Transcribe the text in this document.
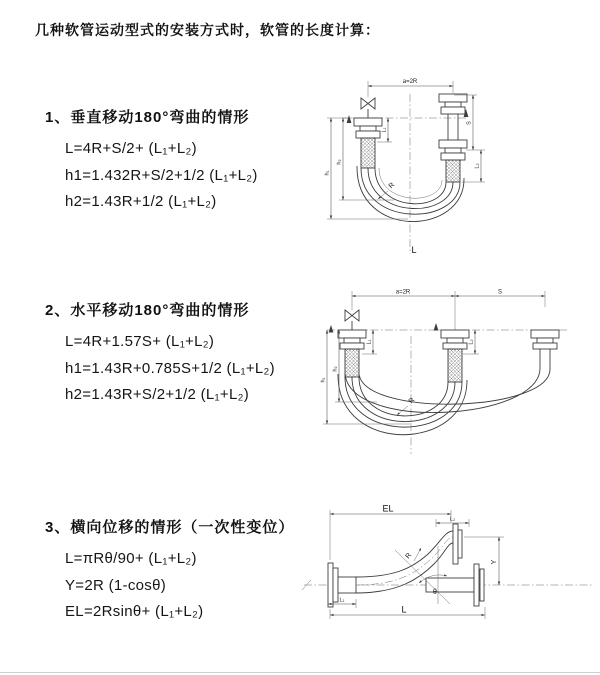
几种软管运动型式的安装方式时，软管的长度计算：
1、垂直移动180°弯曲的情形

L=4R+S/2+ (L₁+L₂)

h1=1.432R+S/2+1/2 (L₁+L₂)

h2=1.43R+1/2 (L₁+L₂)

a=2R
h₁
h₂
L₁
S
L₂
R
L
2、水平移动180°弯曲的情形

L=4R+1.57S+ (L₁+L₂)

h1=1.43R+0.785S+1/2 (L₁+L₂)

h2=1.43R+S/2+1/2 (L₁+L₂)

a=2R	S
h₁
h₂
L₁	L₂
R
3、横向位移的情形（一次性变位）

L=πRθ/90+ (L₁+L₂)

Y=2R (1-cosθ)

EL=2Rsinθ+ (L₁+L₂)

EL
L₂
Y
θ
R
L₁
L
